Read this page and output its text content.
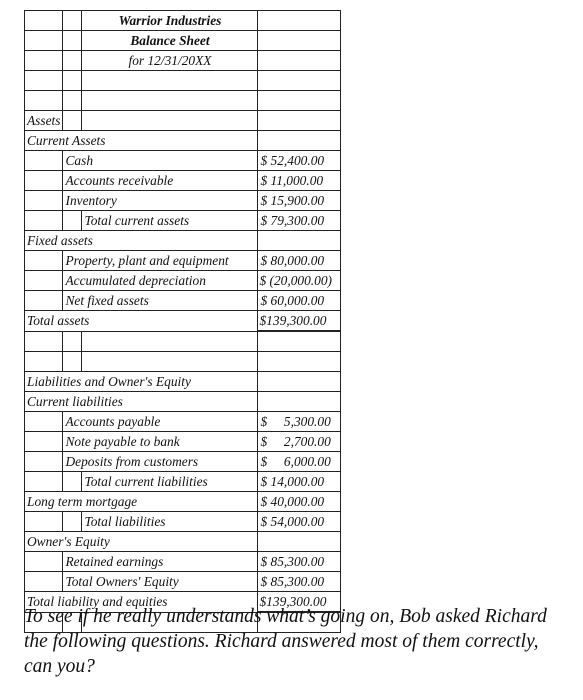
		Warrior Industries	
		Balance Sheet	
		for 12/31/20XX	

Assets			
Current Assets			
	Cash		$ 52,400.00
	Accounts receivable		$ 11,000.00
	Inventory		$ 15,900.00
		Total current assets	$ 79,300.00
Fixed assets			
	Property, plant and equipment		$ 80,000.00
	Accumulated depreciation		$ (20,000.00)
	Net fixed assets		$ 60,000.00
Total assets			$139,300.00

Liabilities and Owner's Equity			
Current liabilities			
	Accounts payable		$     5,300.00
	Note payable to bank		$     2,700.00
	Deposits from customers		$     6,000.00
		Total current liabilities	$ 14,000.00
Long term mortgage			$ 40,000.00
		Total liabilities	$ 54,000.00
Owner's Equity			
	Retained earnings		$ 85,300.00
	Total Owners' Equity		$ 85,300.00
Total liability and equities			$139,300.00

To see if he really understands what’s going on, Bob asked Richard the following questions. Richard answered most of them correctly, can you?
